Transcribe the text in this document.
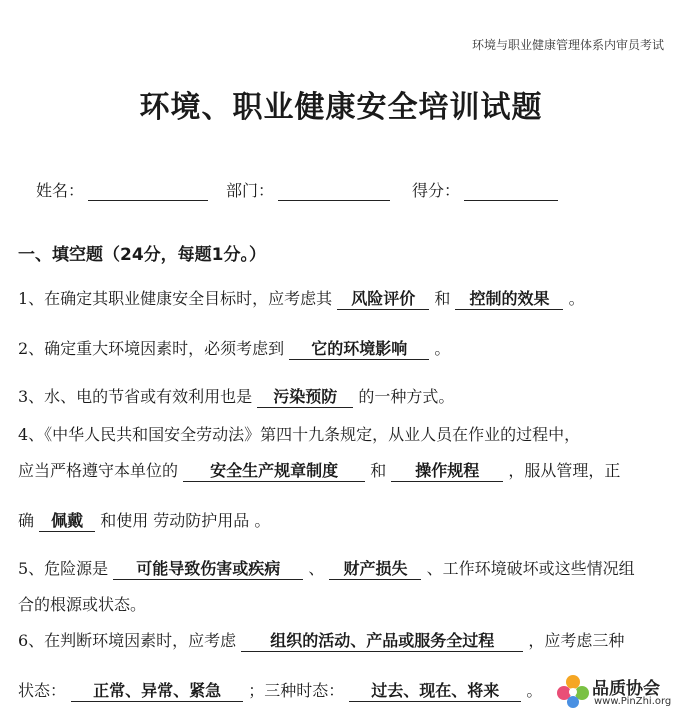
环境与职业健康管理体系内审员考试
环境、职业健康安全培训试题
姓名：	部门：	得分：
一、填空题（24分，每题1分。）
1、在确定其职业健康安全目标时，应考虑其 风险评价 和 控制的效果 。
2、确定重大环境因素时，必须考虑到 它的环境影响 。
3、水、电的节省或有效利用也是 污染预防 的一种方式。
4、《中华人民共和国安全劳动法》第四十九条规定，从业人员在作业的过程中，
应当严格遵守本单位的 安全生产规章制度 和 操作规程 ，服从管理，正
确 佩戴 和使用 劳动防护用品 。
5、危险源是 可能导致伤害或疾病 、 财产损失 、工作环境破坏或这些情况组
合的根源或状态。
6、在判断环境因素时，应考虑 组织的活动、产品或服务全过程 ，应考虑三种
状态： 正常、异常、紧急 ；三种时态： 过去、现在、将来 。	品质协会
www.PinZhi.org
